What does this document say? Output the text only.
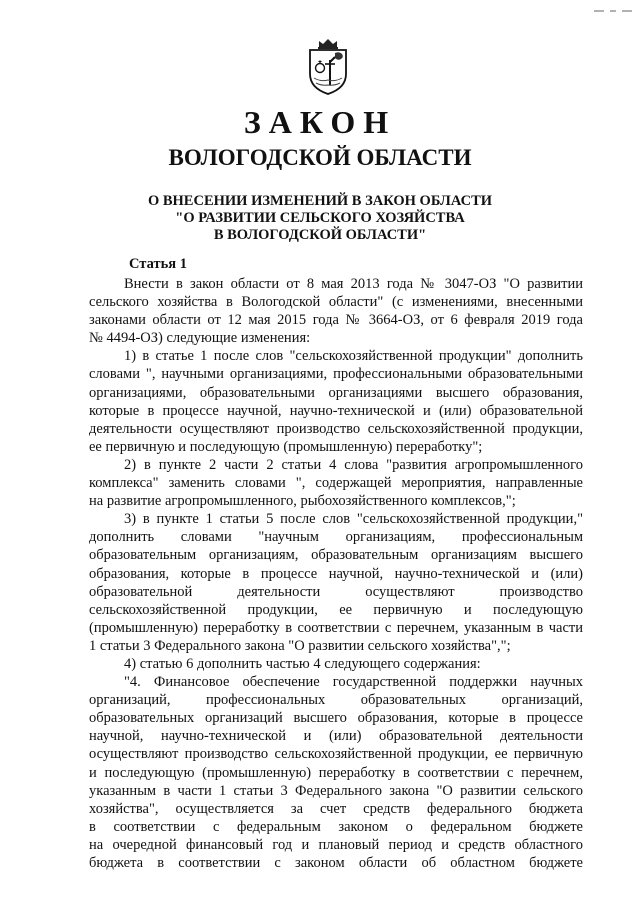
ЗАКОН
ВОЛОГОДСКОЙ ОБЛАСТИ
О ВНЕСЕНИИ ИЗМЕНЕНИЙ В ЗАКОН ОБЛАСТИ
"О РАЗВИТИИ СЕЛЬСКОГО ХОЗЯЙСТВА
В ВОЛОГОДСКОЙ ОБЛАСТИ"
Статья 1

Внести в закон области от 8 мая 2013 года № 3047-ОЗ "О развитии

сельского хозяйства в Вологодской области" (с изменениями, внесенными

законами области от 12 мая 2015 года № 3664-ОЗ, от 6 февраля 2019 года

№ 4494-ОЗ) следующие изменения:

1) в статье 1 после слов "сельскохозяйственной продукции" дополнить

словами ", научными организациями, профессиональными образовательными

организациями, образовательными организациями высшего образования,

которые в процессе научной, научно-технической и (или) образовательной

деятельности осуществляют производство сельскохозяйственной продукции,

ее первичную и последующую (промышленную) переработку";

2) в пункте 2 части 2 статьи 4 слова "развития агропромышленного

комплекса" заменить словами ", содержащей мероприятия, направленные

на развитие агропромышленного, рыбохозяйственного комплексов,";

3) в пункте 1 статьи 5 после слов "сельскохозяйственной продукции,"

дополнить словами "научным организациям, профессиональным

образовательным организациям, образовательным организациям высшего

образования, которые в процессе научной, научно-технической и (или)

образовательной деятельности осуществляют производство

сельскохозяйственной продукции, ее первичную и последующую

(промышленную) переработку в соответствии с перечнем, указанным в части

1 статьи 3 Федерального закона "О развитии сельского хозяйства",";

4) статью 6 дополнить частью 4 следующего содержания:

"4. Финансовое обеспечение государственной поддержки научных

организаций, профессиональных образовательных организаций,

образовательных организаций высшего образования, которые в процессе

научной, научно-технической и (или) образовательной деятельности

осуществляют производство сельскохозяйственной продукции, ее первичную

и последующую (промышленную) переработку в соответствии с перечнем,

указанным в части 1 статьи 3 Федерального закона "О развитии сельского

хозяйства", осуществляется за счет средств федерального бюджета

в соответствии с федеральным законом о федеральном бюджете

на очередной финансовый год и плановый период и средств областного

бюджета в соответствии с законом области об областном бюджете
